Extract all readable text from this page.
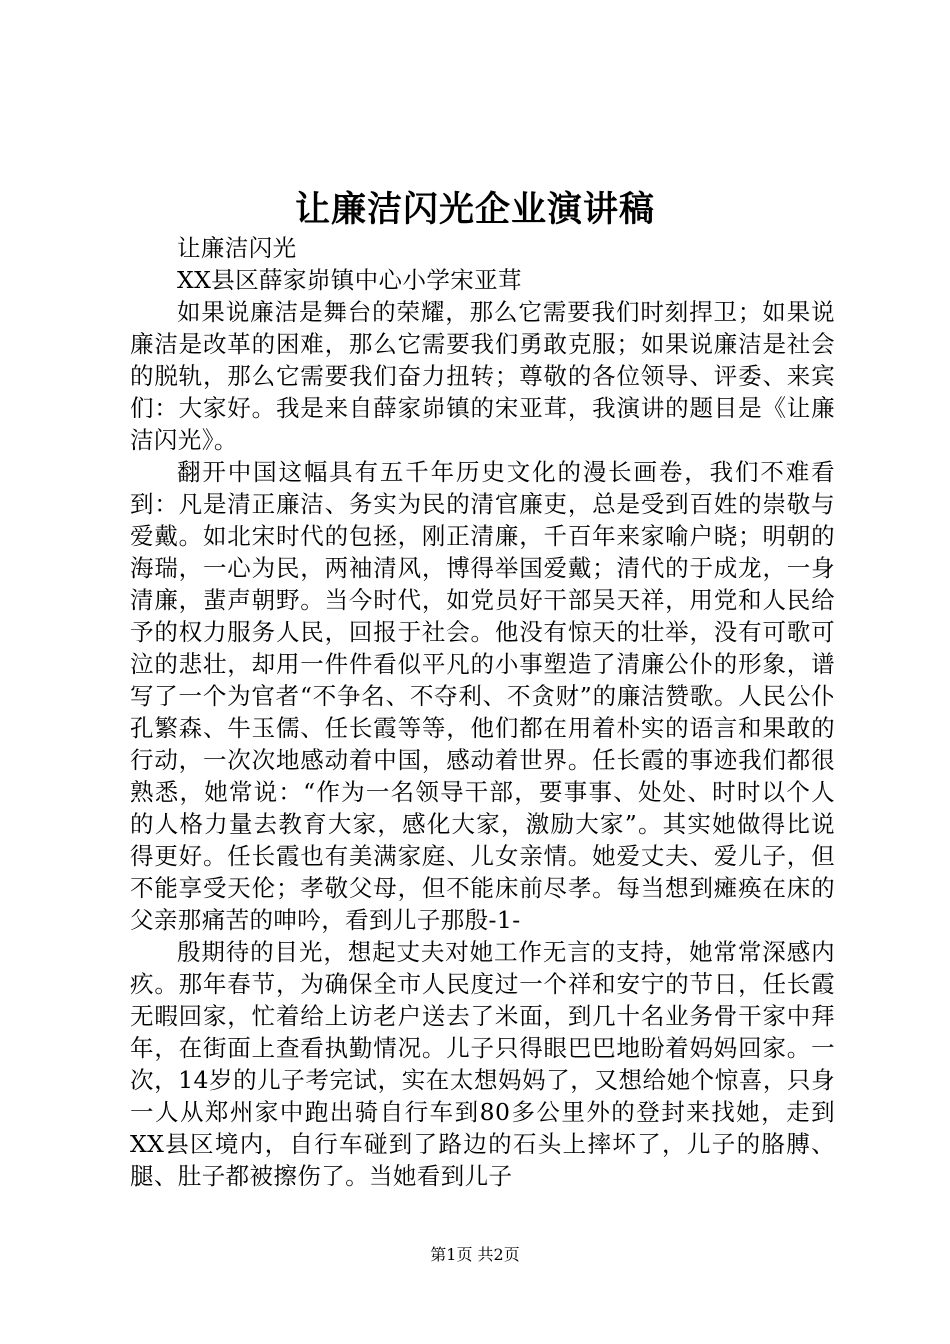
让廉洁闪光企业演讲稿

让廉洁闪光

XX县区薛家峁镇中心小学宋亚茸

如果说廉洁是舞台的荣耀，那么它需要我们时刻捍卫；如果说廉洁是改革的困难，那么它需要我们勇敢克服；如果说廉洁是社会的脱轨，那么它需要我们奋力扭转；尊敬的各位领导、评委、来宾们：大家好。我是来自薛家峁镇的宋亚茸，我演讲的题目是《让廉洁闪光》。

翻开中国这幅具有五千年历史文化的漫长画卷，我们不难看到：凡是清正廉洁、务实为民的清官廉吏，总是受到百姓的崇敬与爱戴。如北宋时代的包拯，刚正清廉，千百年来家喻户晓；明朝的海瑞，一心为民，两袖清风，博得举国爱戴；清代的于成龙，一身清廉，蜚声朝野。当今时代，如党员好干部吴天祥，用党和人民给予的权力服务人民，回报于社会。他没有惊天的壮举，没有可歌可泣的悲壮，却用一件件看似平凡的小事塑造了清廉公仆的形象，谱写了一个为官者“不争名、不夺利、不贪财”的廉洁赞歌。人民公仆孔繁森、牛玉儒、任长霞等等，他们都在用着朴实的语言和果敢的行动，一次次地感动着中国，感动着世界。任长霞的事迹我们都很熟悉，她常说：“作为一名领导干部，要事事、处处、时时以个人的人格力量去教育大家，感化大家，激励大家”。其实她做得比说得更好。任长霞也有美满家庭、儿女亲情。她爱丈夫、爱儿子，但不能享受天伦；孝敬父母，但不能床前尽孝。每当想到瘫痪在床的父亲那痛苦的呻吟，看到儿子那殷-1-

殷期待的目光，想起丈夫对她工作无言的支持，她常常深感内疚。那年春节，为确保全市人民度过一个祥和安宁的节日，任长霞无暇回家，忙着给上访老户送去了米面，到几十名业务骨干家中拜年，在街面上查看执勤情况。儿子只得眼巴巴地盼着妈妈回家。一次，14岁的儿子考完试，实在太想妈妈了，又想给她个惊喜，只身一人从郑州家中跑出骑自行车到80多公里外的登封来找她，走到XX县区境内，自行车碰到了路边的石头上摔坏了，儿子的胳膊、腿、肚子都被擦伤了。当她看到儿子

第1页 共2页
